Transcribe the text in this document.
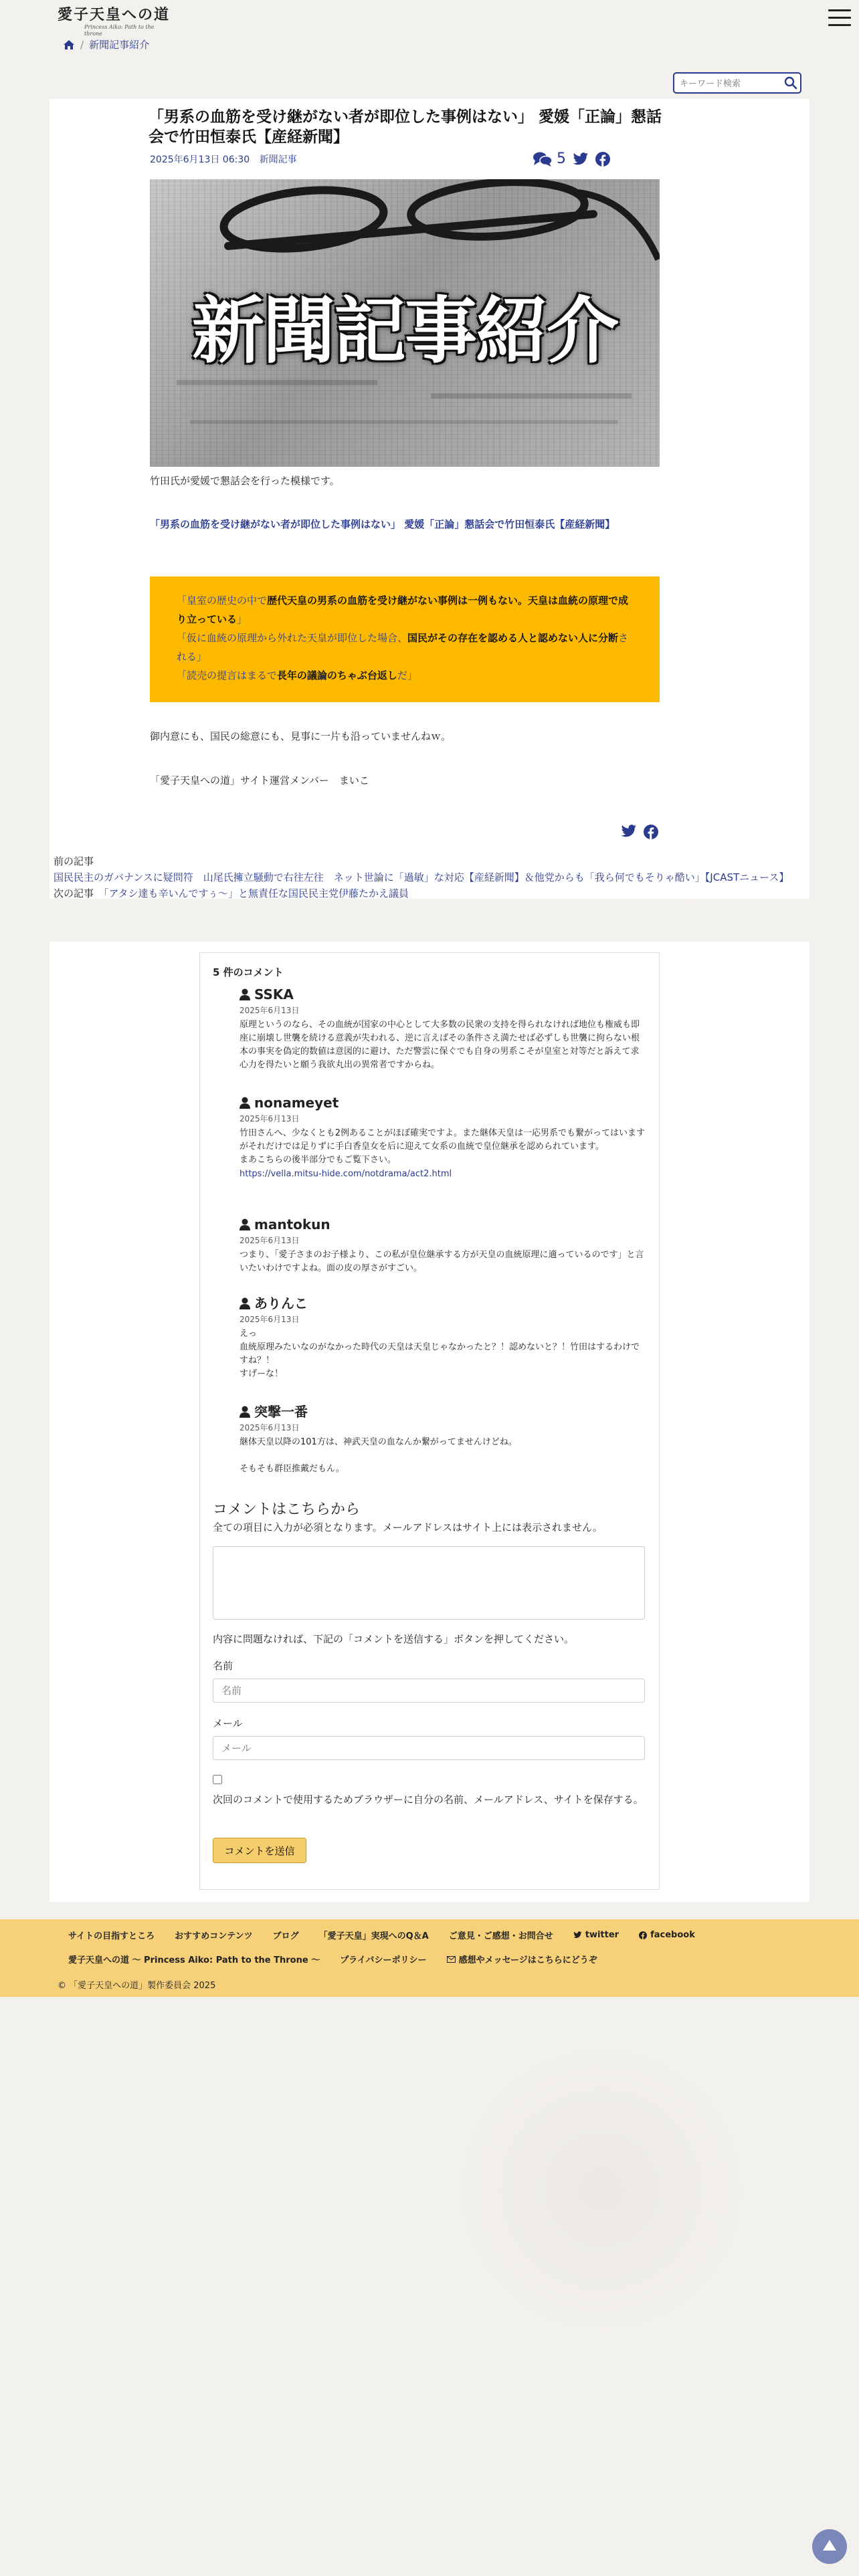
愛子天皇への道
Princess Aiko: Path to the throne
/ 新聞記事紹介
キーワード検索
「男系の血筋を受け継がない者が即位した事例はない」 愛媛「正論」懇話会で竹田恒泰氏【産経新聞】
2025年6月13日 06:30 新聞記事	5
新聞記事紹介
竹田氏が愛媛で懇話会を行った模様です。
「男系の血筋を受け継がない者が即位した事例はない」 愛媛「正論」懇話会で竹田恒泰氏【産経新聞】

「皇室の歴史の中で歴代天皇の男系の血筋を受け継がない事例は一例もない。天皇は血統の原理で成り立っている」

「仮に血統の原理から外れた天皇が即位した場合、国民がその存在を認める人と認めない人に分断される」

「読売の提言はまるで長年の議論のちゃぶ台返しだ」

御内意にも、国民の総意にも、見事に一片も沿っていませんねｗ。
「愛子天皇への道」サイト運営メンバー　まいこ
前の記事
国民民主のガバナンスに疑問符　山尾氏擁立騒動で右往左往　ネット世論に「過敏」な対応【産経新聞】＆他党からも「我ら何でもそりゃ酷い」【JCASTニュース】
次の記事　 「アタシ達も辛いんですぅ〜」と無責任な国民民主党伊藤たかえ議員
5 件のコメント
SSKA
2025年6月13日
原理というのなら、その血統が国家の中心として大多数の民衆の支持を得られなければ地位も権威も即座に崩壊し世襲を続ける意義が失われる、逆に言えばその条件さえ満たせば必ずしも世襲に拘らない根本の事実を偽定的数値は意図的に避け、ただ警雲に保ぐでも自身の男系こそが皇室と対等だと訴えて求心力を得たいと願う我欲丸出の異常者ですからね。
nonameyet
2025年6月13日
竹田さんへ、少なくとも2例あることがほぼ確実ですよ。また継体天皇は一応男系でも繋がってはいますがそれだけでは足りずに手白香皇女を后に迎えて女系の血統で皇位継承を認められています。
まあこちらの後半部分でもご覧下さい。
https://vella.mitsu-hide.com/notdrama/act2.html
mantokun
2025年6月13日
つまり、「愛子さまのお子様より、この私が皇位継承する方が天皇の血統原理に適っているのです」と言いたいわけですよね。面の皮の厚さがすごい。
ありんこ
2025年6月13日
えっ
血統原理みたいなのがなかった時代の天皇は天皇じゃなかったと？！認めないと？！竹田はするわけですね？！
すげーな！
突撃一番
2025年6月13日
継体天皇以降の101方は、神武天皇の血なんか繋がってませんけどね。

そもそも群臣推戴だもん。
コメントはこちらから
全ての項目に入力が必須となります。メールアドレスはサイト上には表示されません。
内容に問題なければ、下記の「コメントを送信する」ボタンを押してください。
名前
名前
メール
メール
次回のコメントで使用するためブラウザーに自分の名前、メールアドレス、サイトを保存する。
コメントを送信
サイトの目指すところ おすすめコンテンツ ブログ 「愛子天皇」実現へのQ＆A ご意見・ご感想・お問合せ	twitter	facebook
愛子天皇への道 〜 Princess Aiko: Path to the Throne 〜 プライバシーポリシー	感想やメッセージはこちらにどうぞ
© 「愛子天皇への道」製作委員会 2025
